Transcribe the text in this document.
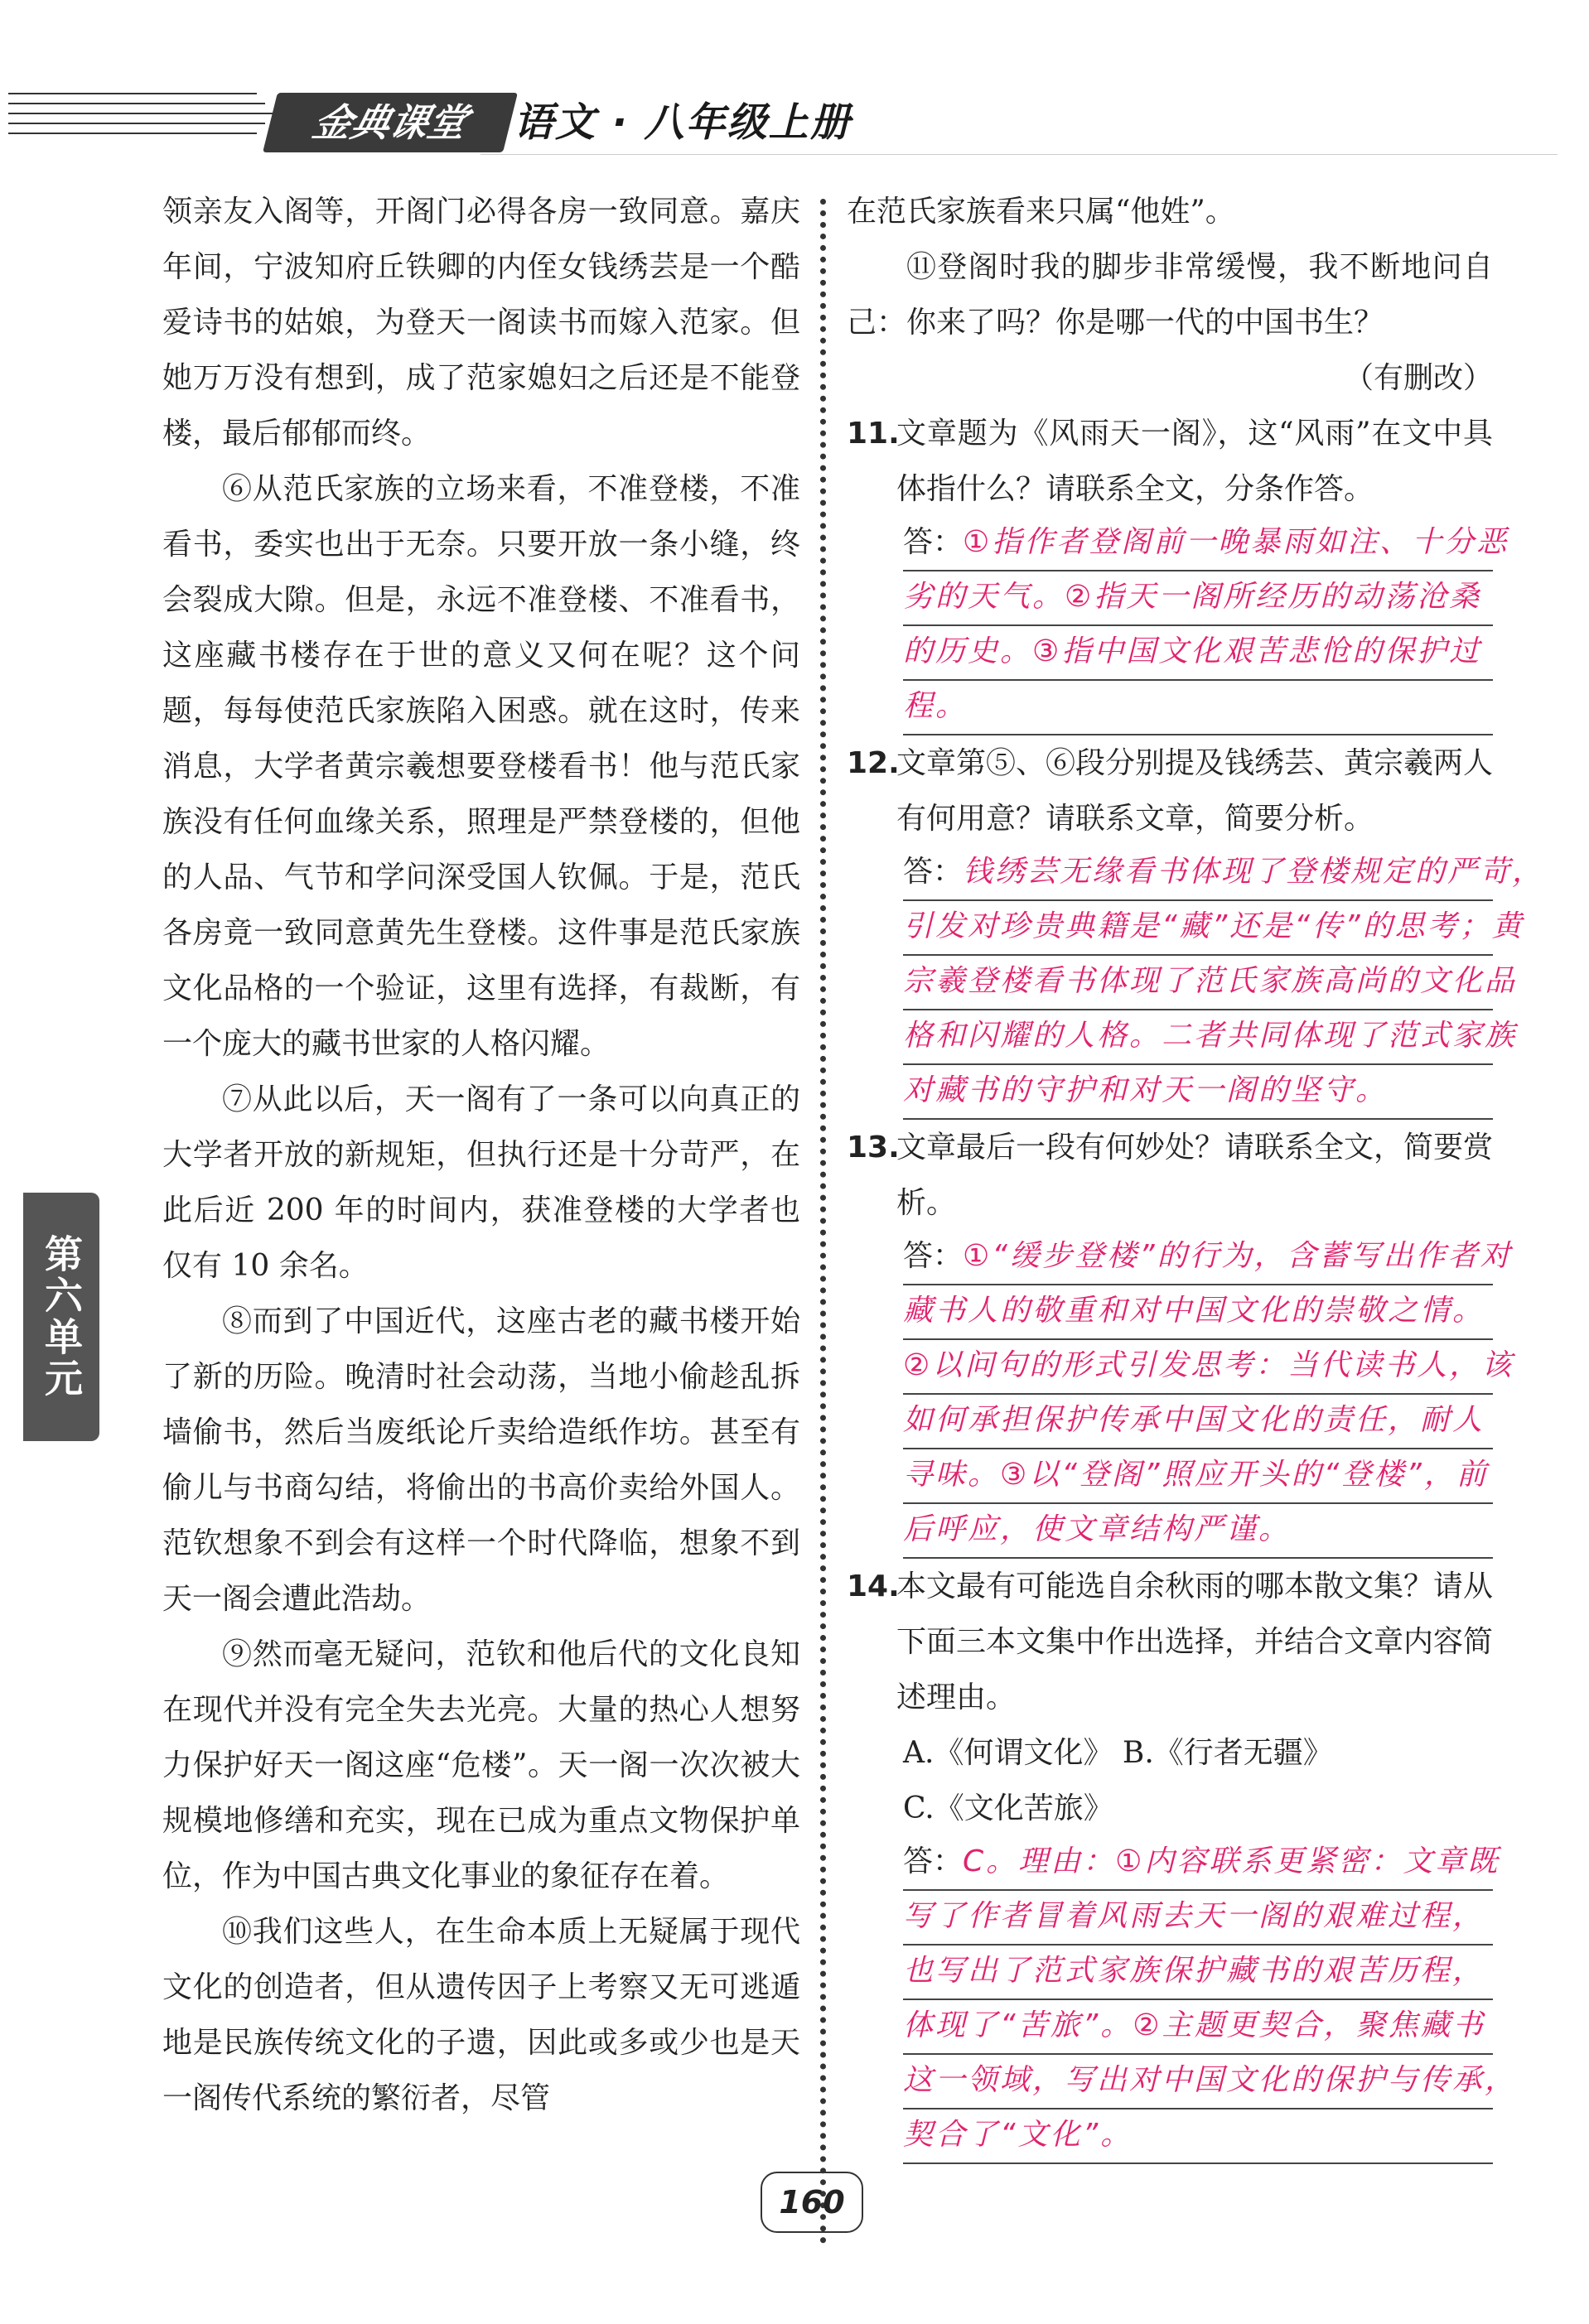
金典课堂	语文 · 八年级上册
第六单元

领亲友入阁等，开阁门必得各房一致同意。嘉庆年间，宁波知府丘铁卿的内侄女钱绣芸是一个酷爱诗书的姑娘，为登天一阁读书而嫁入范家。但她万万没有想到，成了范家媳妇之后还是不能登楼，最后郁郁而终。

⑥从范氏家族的立场来看，不准登楼，不准看书，委实也出于无奈。只要开放一条小缝，终会裂成大隙。但是，永远不准登楼、不准看书，这座藏书楼存在于世的意义又何在呢？这个问题，每每使范氏家族陷入困惑。就在这时，传来消息，大学者黄宗羲想要登楼看书！他与范氏家族没有任何血缘关系，照理是严禁登楼的，但他的人品、气节和学问深受国人钦佩。于是，范氏各房竟一致同意黄先生登楼。这件事是范氏家族文化品格的一个验证，这里有选择，有裁断，有一个庞大的藏书世家的人格闪耀。

⑦从此以后，天一阁有了一条可以向真正的大学者开放的新规矩，但执行还是十分苛严，在此后近 200 年的时间内，获准登楼的大学者也仅有 10 余名。

⑧而到了中国近代，这座古老的藏书楼开始了新的历险。晚清时社会动荡，当地小偷趁乱拆墙偷书，然后当废纸论斤卖给造纸作坊。甚至有偷儿与书商勾结，将偷出的书高价卖给外国人。范钦想象不到会有这样一个时代降临，想象不到天一阁会遭此浩劫。

⑨然而毫无疑问，范钦和他后代的文化良知在现代并没有完全失去光亮。大量的热心人想努力保护好天一阁这座“危楼”。天一阁一次次被大规模地修缮和充实，现在已成为重点文物保护单位，作为中国古典文化事业的象征存在着。

⑩我们这些人，在生命本质上无疑属于现代文化的创造者，但从遗传因子上考察又无可逃遁地是民族传统文化的子遗，因此或多或少也是天一阁传代系统的繁衍者，尽管

在范氏家族看来只属“他姓”。

⑪登阁时我的脚步非常缓慢，我不断地问自己：你来了吗？你是哪一代的中国书生？

（有删改）

11.
文章题为《风雨天一阁》，这“风雨”在文中具体指什么？请联系全文，分条作答。
答： ①指作者登阁前一晚暴雨如注、十分恶
劣的天气。②指天一阁所经历的动荡沧桑
的历史。③指中国文化艰苦悲怆的保护过
程。
12.
文章第⑤、⑥段分别提及钱绣芸、黄宗羲两人有何用意？请联系文章，简要分析。
答： 钱绣芸无缘看书体现了登楼规定的严苛，
引发对珍贵典籍是“藏”还是“传”的思考；黄
宗羲登楼看书体现了范氏家族高尚的文化品
格和闪耀的人格。二者共同体现了范式家族
对藏书的守护和对天一阁的坚守。
13.
文章最后一段有何妙处？请联系全文，简要赏析。
答： ①“缓步登楼”的行为，含蓄写出作者对
藏书人的敬重和对中国文化的崇敬之情。
②以问句的形式引发思考：当代读书人，该
如何承担保护传承中国文化的责任，耐人
寻味。③以“登阁”照应开头的“登楼”，前
后呼应，使文章结构严谨。
14.
本文最有可能选自余秋雨的哪本散文集？请从下面三本文集中作出选择，并结合文章内容简述理由。

A.《何谓文化》 B.《行者无疆》

C.《文化苦旅》

答： C。理由：①内容联系更紧密：文章既
写了作者冒着风雨去天一阁的艰难过程，
也写出了范式家族保护藏书的艰苦历程，
体现了“苦旅”。②主题更契合，聚焦藏书
这一领域，写出对中国文化的保护与传承，
契合了“文化”。
160
